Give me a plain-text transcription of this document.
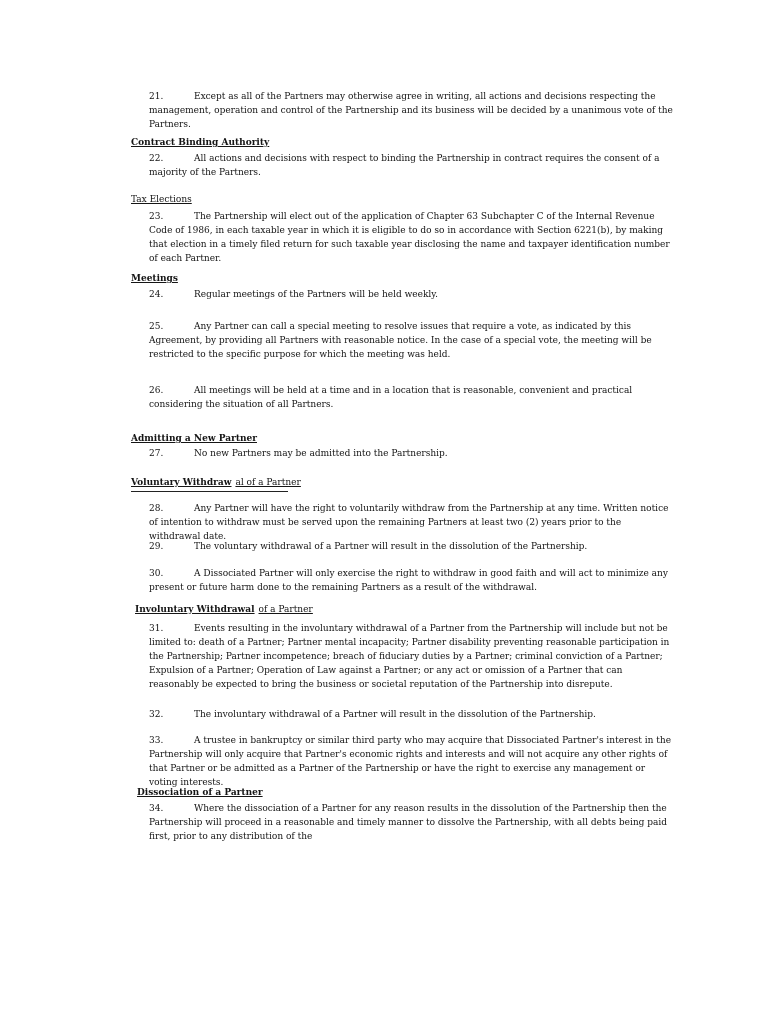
21.	Except as all of the Partners may otherwise agree in writing, all actions and decisions respecting the management, operation and control of the Partnership and its business will be decided by a unanimous vote of the Partners.
Contract Binding Authority
22.	All actions and decisions with respect to binding the Partnership in contract requires the consent of a majority of the Partners.
Tax Elections
23.	The Partnership will elect out of the application of Chapter 63 Subchapter C of the Internal Revenue Code of 1986, in each taxable year in which it is eligible to do so in accordance with Section 6221(b), by making that election in a timely filed return for such taxable year disclosing the name and taxpayer identification number of each Partner.
Meetings
24.	Regular meetings of the Partners will be held weekly.
25.	Any Partner can call a special meeting to resolve issues that require a vote, as indicated by this Agreement, by providing all Partners with reasonable notice. In the case of a special vote, the meeting will be restricted to the specific purpose for which the meeting was held.
26.	All meetings will be held at a time and in a location that is reasonable, convenient and practical considering the situation of all Partners.
Admitting a New Partner
27.	No new Partners may be admitted into the Partnership.
Voluntary Withdraw al of a Partner
28.	Any Partner will have the right to voluntarily withdraw from the Partnership at any time. Written notice of intention to withdraw must be served upon the remaining Partners at least two (2) years prior to the withdrawal date.
29.	The voluntary withdrawal of a Partner will result in the dissolution of the Partnership.
30.	A Dissociated Partner will only exercise the right to withdraw in good faith and will act to minimize any present or future harm done to the remaining Partners as a result of the withdrawal.
Involuntary Withdrawal of a Partner
31.	Events resulting in the involuntary withdrawal of a Partner from the Partnership will include but not be limited to: death of a Partner; Partner mental incapacity; Partner disability preventing reasonable participation in the Partnership; Partner incompetence; breach of fiduciary duties by a Partner; criminal conviction of a Partner; Expulsion of a Partner; Operation of Law against a Partner; or any act or omission of a Partner that can reasonably be expected to bring the business or societal reputation of the Partnership into disrepute.
32.	The involuntary withdrawal of a Partner will result in the dissolution of the Partnership.
33.	A trustee in bankruptcy or similar third party who may acquire that Dissociated Partner's interest in the Partnership will only acquire that Partner's economic rights and interests and will not acquire any other rights of that Partner or be admitted as a Partner of the Partnership or have the right to exercise any management or voting interests.
Dissociation of a Partner
34.	Where the dissociation of a Partner for any reason results in the dissolution of the Partnership then the Partnership will proceed in a reasonable and timely manner to dissolve the Partnership, with all debts being paid first, prior to any distribution of the
